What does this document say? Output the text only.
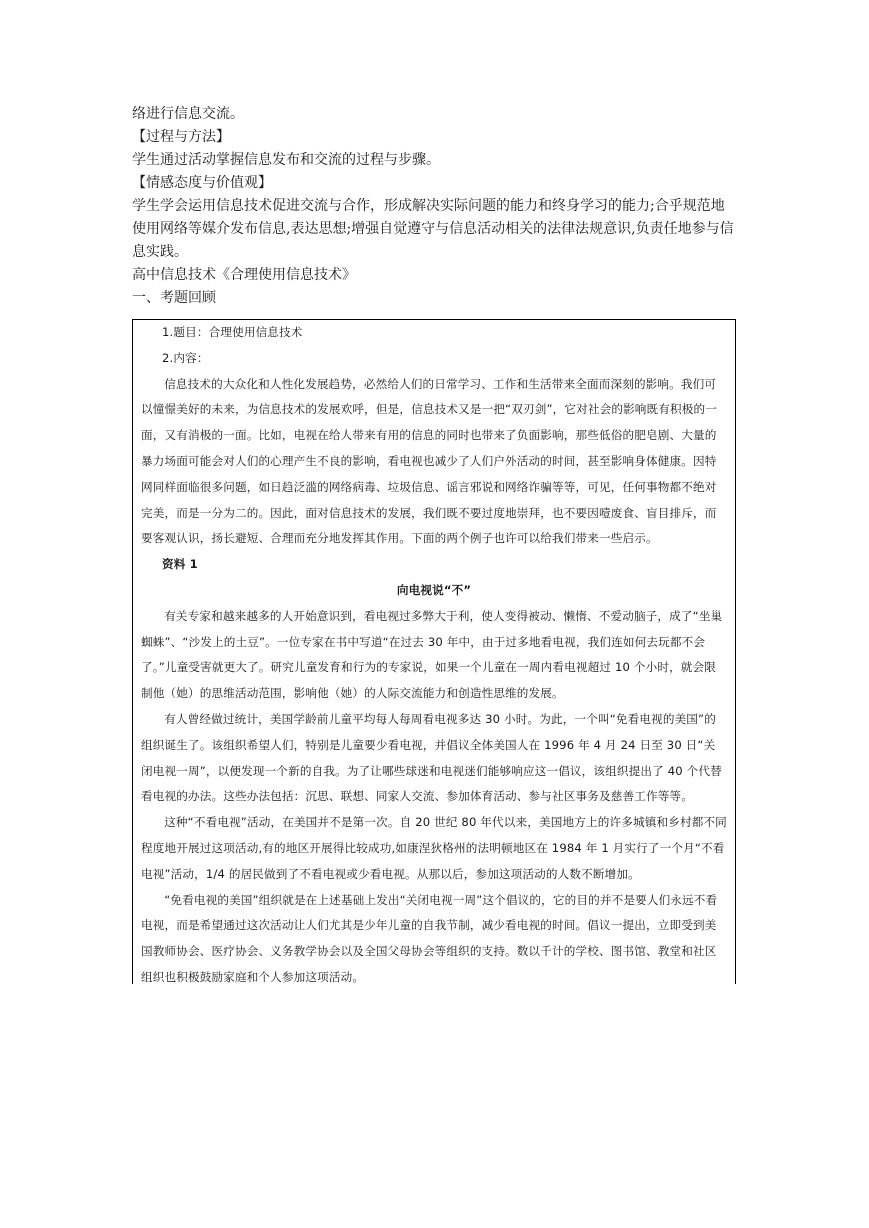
络进行信息交流。

【过程与方法】

学生通过活动掌握信息发布和交流的过程与步骤。

【情感态度与价值观】

学生学会运用信息技术促进交流与合作，形成解决实际问题的能力和终身学习的能力;合乎规范地使用网络等媒介发布信息,表达思想;增强自觉遵守与信息活动相关的法律法规意识,负责任地参与信息实践。

高中信息技术《合理使用信息技术》

一、考题回顾

1.题目：合理使用信息技术

2.内容：

信息技术的大众化和人性化发展趋势，必然给人们的日常学习、工作和生活带来全面而深刻的影响。我们可以憧憬美好的未来，为信息技术的发展欢呼，但是，信息技术又是一把“双刃剑”，它对社会的影响既有积极的一面，又有消极的一面。比如，电视在给人带来有用的信息的同时也带来了负面影响，那些低俗的肥皂剧、大量的暴力场面可能会对人们的心理产生不良的影响，看电视也减少了人们户外活动的时间，甚至影响身体健康。因特网同样面临很多问题，如日趋泛滥的网络病毒、垃圾信息、谣言邪说和网络诈骗等等，可见，任何事物都不绝对完美，而是一分为二的。因此，面对信息技术的发展，我们既不要过度地崇拜，也不要因噎废食、盲目排斥，而要客观认识，扬长避短、合理而充分地发挥其作用。下面的两个例子也许可以给我们带来一些启示。

资料 1

向电视说“不”

有关专家和越来越多的人开始意识到，看电视过多弊大于利，使人变得被动、懒惰、不爱动脑子，成了“坐巢蜘蛛”、“沙发上的土豆”。一位专家在书中写道“在过去 30 年中，由于过多地看电视，我们连如何去玩都不会了。”儿童受害就更大了。研究儿童发育和行为的专家说，如果一个儿童在一周内看电视超过 10 个小时，就会限制他（她）的思维活动范围，影响他（她）的人际交流能力和创造性思维的发展。

有人曾经做过统计，美国学龄前儿童平均每人每周看电视多达 30 小时。为此，一个叫“免看电视的美国”的组织诞生了。该组织希望人们，特别是儿童要少看电视，并倡议全体美国人在 1996 年 4 月 24 日至 30 日“关闭电视一周”，以便发现一个新的自我。为了让哪些球迷和电视迷们能够响应这一倡议，该组织提出了 40 个代替看电视的办法。这些办法包括：沉思、联想、同家人交流、参加体育活动、参与社区事务及慈善工作等等。

这种“不看电视”活动，在美国并不是第一次。自 20 世纪 80 年代以来，美国地方上的许多城镇和乡村都不同程度地开展过这项活动,有的地区开展得比较成功,如康涅狄格州的法明顿地区在 1984 年 1 月实行了一个月“不看电视”活动，1/4 的居民做到了不看电视或少看电视。从那以后，参加这项活动的人数不断增加。

“免看电视的美国”组织就是在上述基础上发出“关闭电视一周”这个倡议的，它的目的并不是要人们永远不看电视，而是希望通过这次活动让人们尤其是少年儿童的自我节制，减少看电视的时间。倡议一提出，立即受到美国教师协会、医疗协会、义务教学协会以及全国父母协会等组织的支持。数以千计的学校、图书馆、教堂和社区组织也积极鼓励家庭和个人参加这项活动。
